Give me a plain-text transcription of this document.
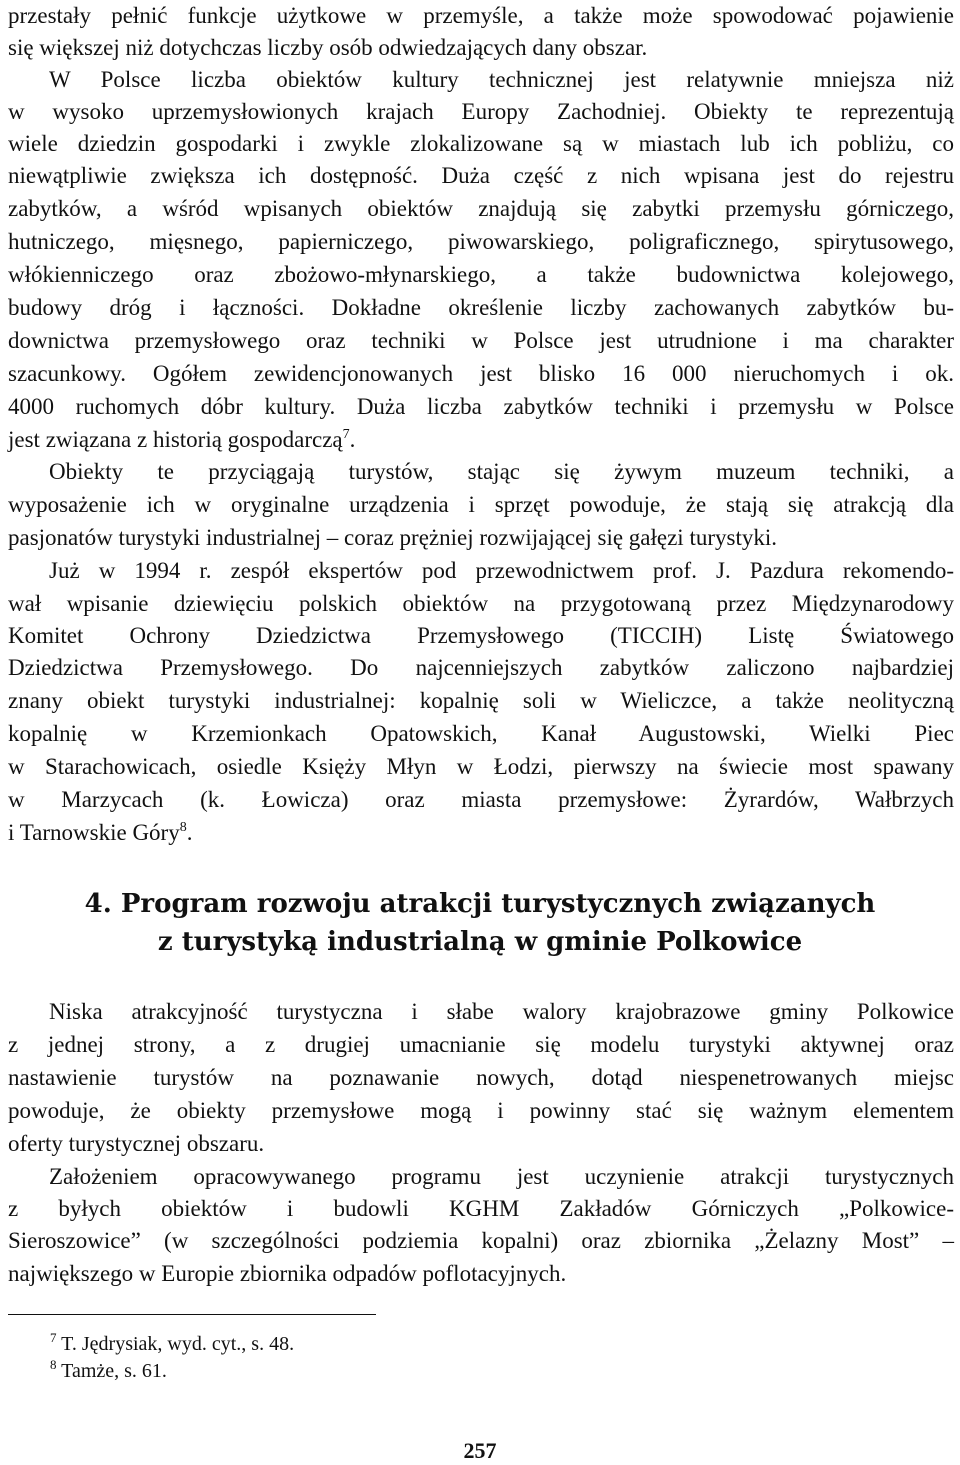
przestały pełnić funkcje użytkowe w przemyśle, a także może spowodować pojawienie
się większej niż dotychczas liczby osób odwiedzających dany obszar.
W Polsce liczba obiektów kultury technicznej jest relatywnie mniejsza niż
w wysoko uprzemysłowionych krajach Europy Zachodniej. Obiekty te reprezentują
wiele dziedzin gospodarki i zwykle zlokalizowane są w miastach lub ich pobliżu, co
niewątpliwie zwiększa ich dostępność. Duża część z nich wpisana jest do rejestru
zabytków, a wśród wpisanych obiektów znajdują się zabytki przemysłu górniczego,
hutniczego, mięsnego, papierniczego, piwowarskiego, poligraficznego, spirytusowego,
włókienniczego oraz zbożowo-młynarskiego, a także budownictwa kolejowego,
budowy dróg i łączności. Dokładne określenie liczby zachowanych zabytków bu-
downictwa przemysłowego oraz techniki w Polsce jest utrudnione i ma charakter
szacunkowy. Ogółem zewidencjonowanych jest blisko 16 000 nieruchomych i ok.
4000 ruchomych dóbr kultury. Duża liczba zabytków techniki i przemysłu w Polsce
jest związana z historią gospodarczą$^7$.
Obiekty te przyciągają turystów, stając się żywym muzeum techniki, a
wyposażenie ich w oryginalne urządzenia i sprzęt powoduje, że stają się atrakcją dla
pasjonatów turystyki industrialnej – coraz prężniej rozwijającej się gałęzi turystyki.
Już w 1994 r. zespół ekspertów pod przewodnictwem prof. J. Pazdura rekomendo-
wał wpisanie dziewięciu polskich obiektów na przygotowaną przez Międzynarodowy
Komitet Ochrony Dziedzictwa Przemysłowego (TICCIH) Listę Światowego
Dziedzictwa Przemysłowego. Do najcenniejszych zabytków zaliczono najbardziej
znany obiekt turystyki industrialnej: kopalnię soli w Wieliczce, a także neolityczną
kopalnię w Krzemionkach Opatowskich, Kanał Augustowski, Wielki Piec
w Starachowicach, osiedle Księży Młyn w Łodzi, pierwszy na świecie most spawany
w Marzycach (k. Łowicza) oraz miasta przemysłowe: Żyrardów, Wałbrzych
i Tarnowskie Góry$^8$.
4. Program rozwoju atrakcji turystycznych związanych
z turystyką industrialną w gminie Polkowice
Niska atrakcyjność turystyczna i słabe walory krajobrazowe gminy Polkowice
z jednej strony, a z drugiej umacnianie się modelu turystyki aktywnej oraz
nastawienie turystów na poznawanie nowych, dotąd niespenetrowanych miejsc
powoduje, że obiekty przemysłowe mogą i powinny stać się ważnym elementem
oferty turystycznej obszaru.
Założeniem opracowywanego programu jest uczynienie atrakcji turystycznych
z byłych obiektów i budowli KGHM Zakładów Górniczych „Polkowice-
Sieroszowice” (w szczególności podziemia kopalni) oraz zbiornika „Żelazny Most” –
największego w Europie zbiornika odpadów poflotacyjnych.
$^7$ T. Jędrysiak, wyd. cyt., s. 48.
$^8$ Tamże, s. 61.
257
